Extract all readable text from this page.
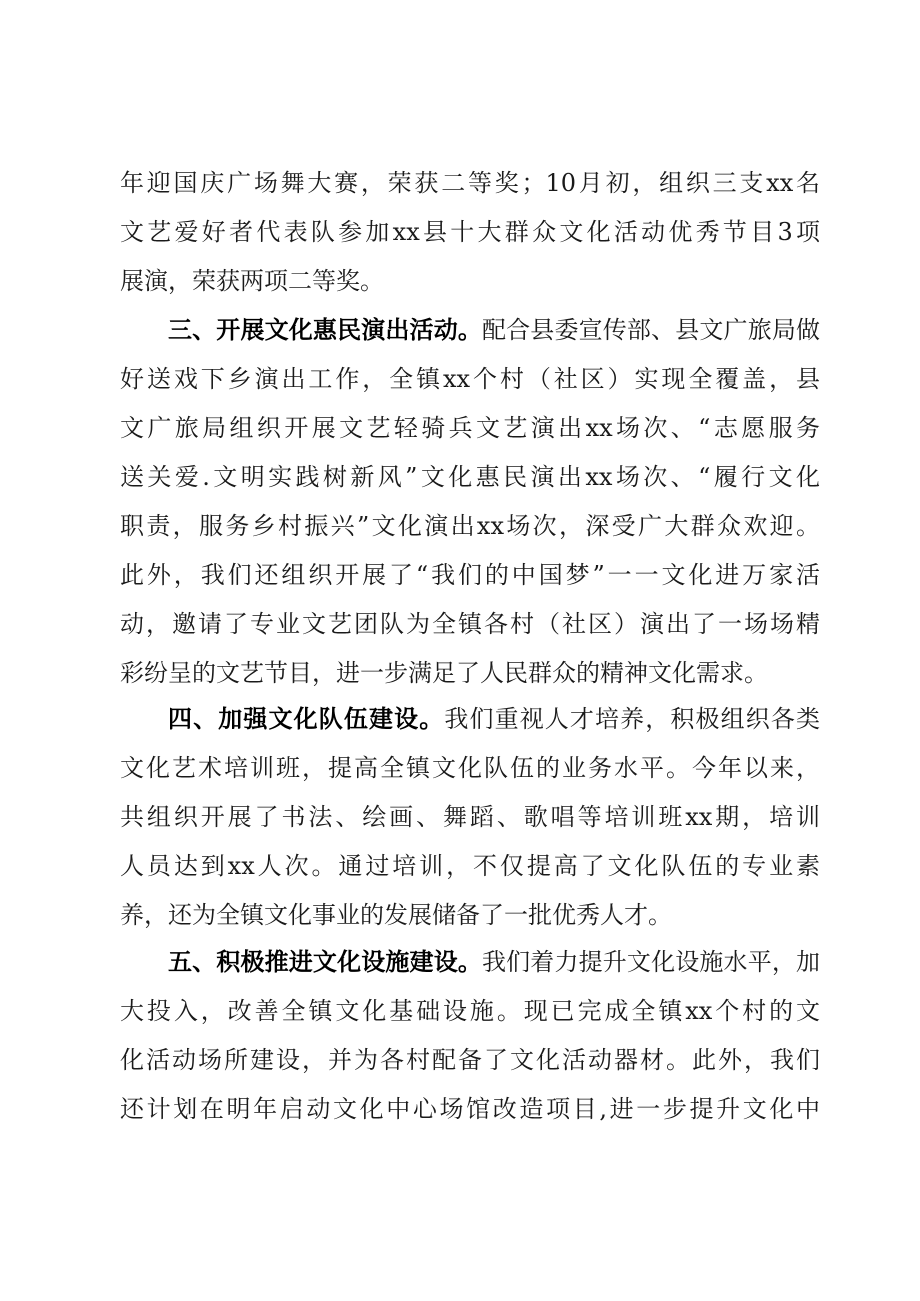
年迎国庆广场舞大赛，荣获二等奖；10月初，组织三支xx名

文艺爱好者代表队参加xx县十大群众文化活动优秀节目3项

展演，荣获两项二等奖。

三、开展文化惠民演出活动。配合县委宣传部、县文广旅局做

好送戏下乡演出工作，全镇xx个村（社区）实现全覆盖，县

文广旅局组织开展文艺轻骑兵文艺演出xx场次、“志愿服务

送关爱.文明实践树新风”文化惠民演出xx场次、“履行文化

职责，服务乡村振兴”文化演出xx场次，深受广大群众欢迎。

此外，我们还组织开展了“我们的中国梦”一一文化进万家活

动，邀请了专业文艺团队为全镇各村（社区）演出了一场场精

彩纷呈的文艺节目，进一步满足了人民群众的精神文化需求。

四、加强文化队伍建设。我们重视人才培养，积极组织各类

文化艺术培训班，提高全镇文化队伍的业务水平。今年以来，

共组织开展了书法、绘画、舞蹈、歌唱等培训班xx期，培训

人员达到xx人次。通过培训，不仅提高了文化队伍的专业素

养，还为全镇文化事业的发展储备了一批优秀人才。

五、积极推进文化设施建设。我们着力提升文化设施水平，加

大投入，改善全镇文化基础设施。现已完成全镇xx个村的文

化活动场所建设，并为各村配备了文化活动器材。此外，我们

还计划在明年启动文化中心场馆改造项目,进一步提升文化中
